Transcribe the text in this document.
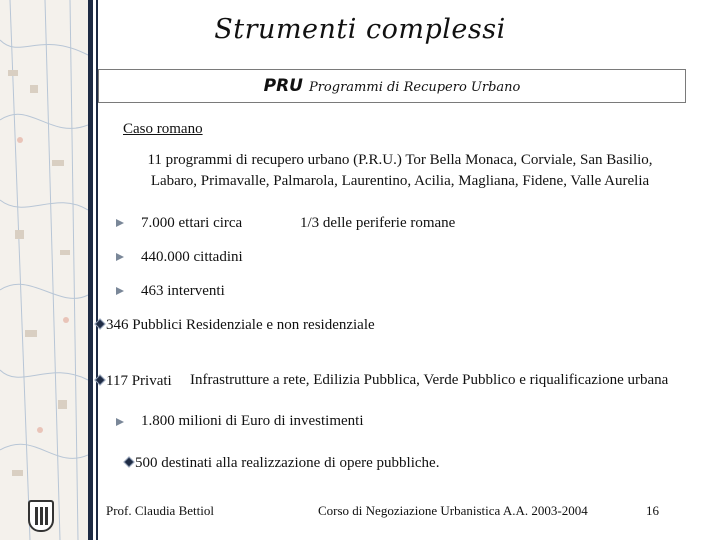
Strumenti complessi
PRU Programmi di Recupero Urbano
Caso romano
11 programmi di recupero urbano (P.R.U.) Tor Bella Monaca, Corviale, San Basilio,
Labaro, Primavalle, Palmarola, Laurentino, Acilia, Magliana, Fidene, Valle Aurelia
7.000 ettari circa	1/3 delle periferie romane
440.000 cittadini
463 interventi
346 Pubblici Residenziale e non residenziale
117 Privati Infrastrutture a rete, Edilizia Pubblica, Verde Pubblico e riqualificazione urbana
1.800 milioni di Euro di investimenti
500 destinati alla realizzazione di opere pubbliche.
Prof. Claudia Bettiol	Corso di Negoziazione Urbanistica A.A. 2003-2004	16
